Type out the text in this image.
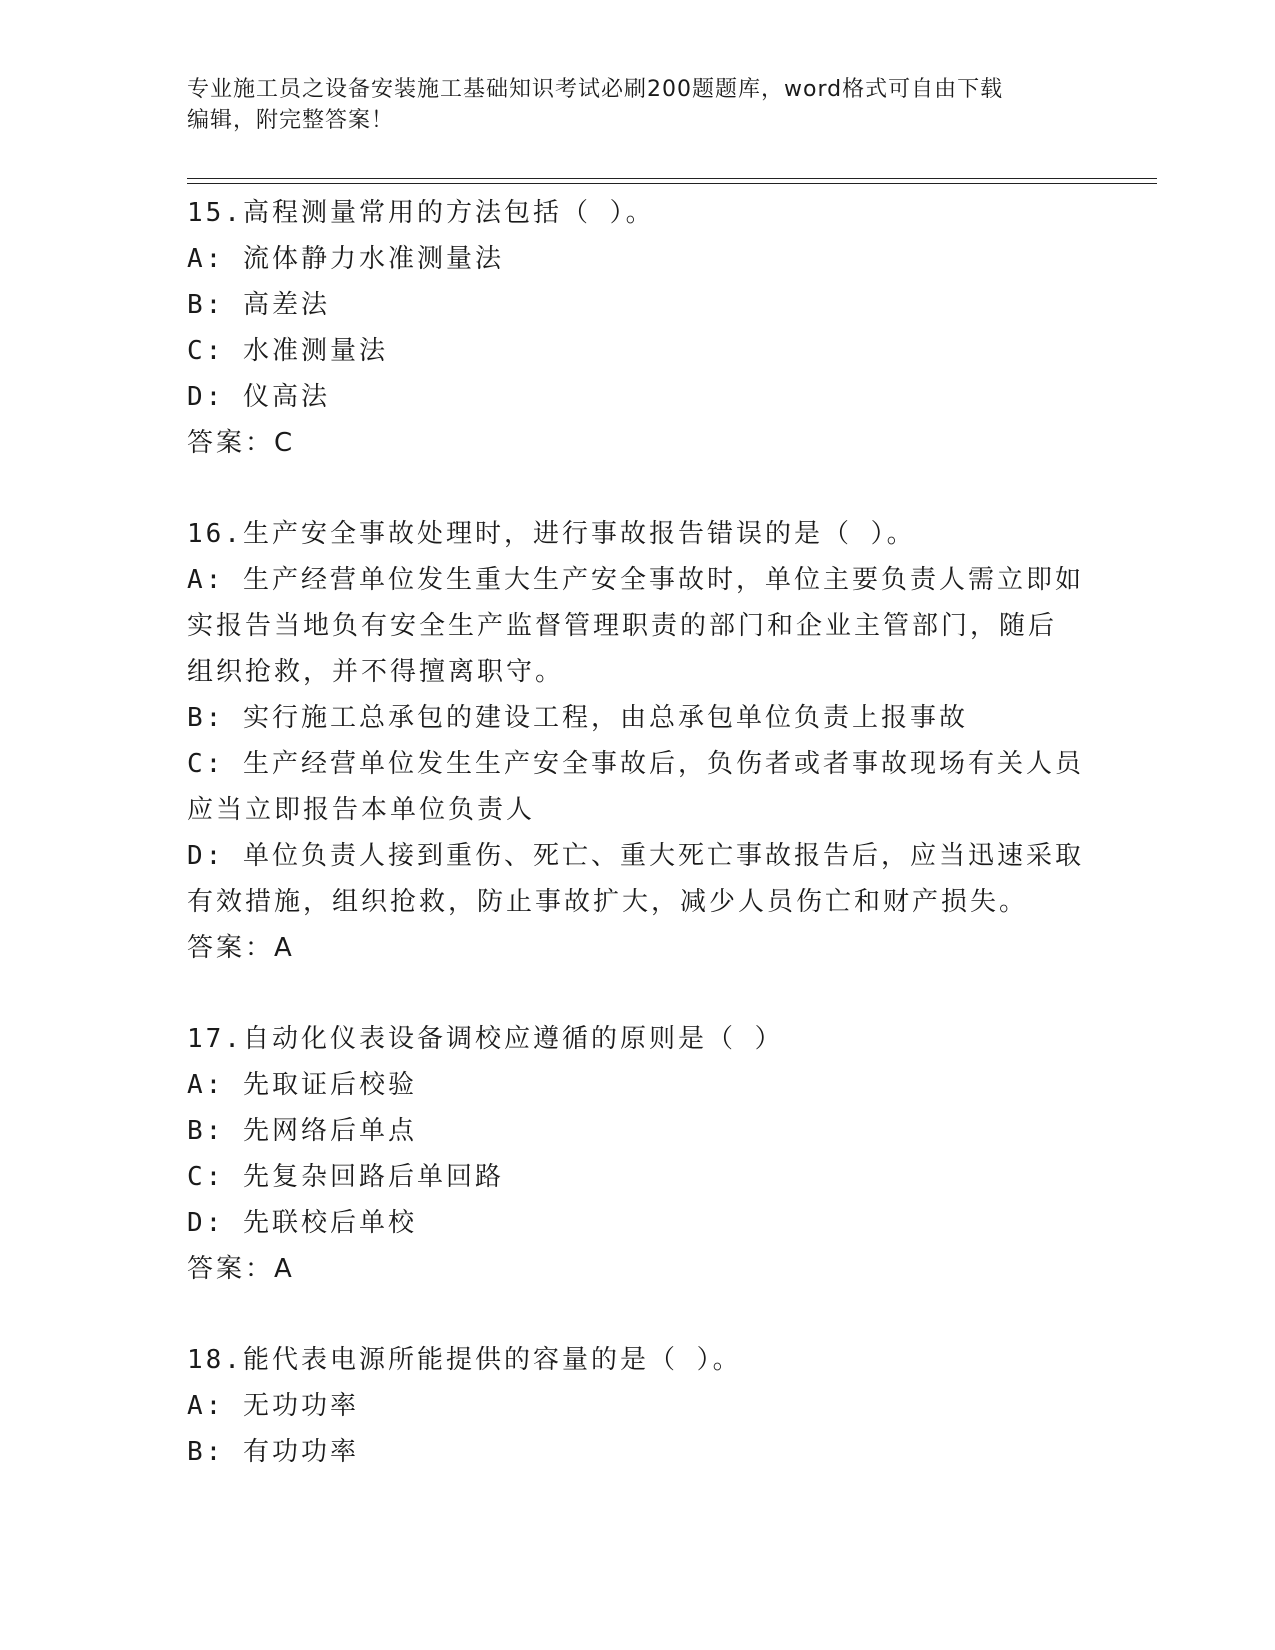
专业施工员之设备安装施工基础知识考试必刷200题题库，word格式可自由下载
编辑，附完整答案！
15.高程测量常用的方法包括（ ）。
A: 流体静力水准测量法
B: 高差法
C: 水准测量法
D: 仪高法
答案：C
16.生产安全事故处理时，进行事故报告错误的是（ ）。
A: 生产经营单位发生重大生产安全事故时，单位主要负责人需立即如
实报告当地负有安全生产监督管理职责的部门和企业主管部门，随后
组织抢救，并不得擅离职守。
B: 实行施工总承包的建设工程，由总承包单位负责上报事故
C: 生产经营单位发生生产安全事故后，负伤者或者事故现场有关人员
应当立即报告本单位负责人
D: 单位负责人接到重伤、死亡、重大死亡事故报告后，应当迅速采取
有效措施，组织抢救，防止事故扩大，减少人员伤亡和财产损失。
答案：A
17.自动化仪表设备调校应遵循的原则是（ ）
A: 先取证后校验
B: 先网络后单点
C: 先复杂回路后单回路
D: 先联校后单校
答案：A
18.能代表电源所能提供的容量的是（ ）。
A: 无功功率
B: 有功功率
